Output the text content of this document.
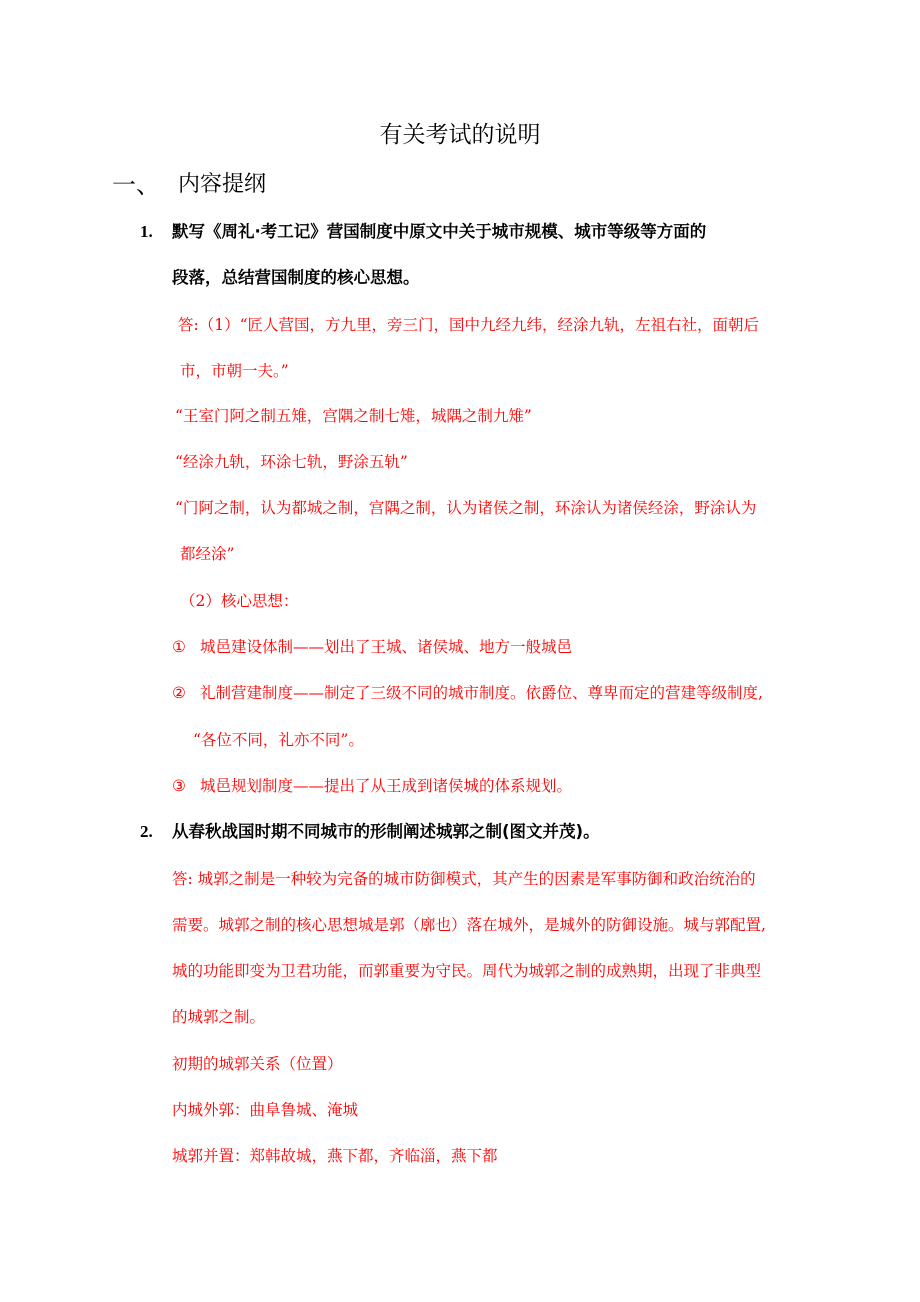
有关考试的说明
一、 内容提纲
1. 默写《周礼·考工记》营国制度中原文中关于城市规模、城市等级等方面的
段落，总结营国制度的核心思想。
答:（1）“匠人营国，方九里，旁三门，国中九经九纬，经涂九轨，左祖右社，面朝后
市，市朝一夫。”
“王室门阿之制五雉，宫隅之制七雉，城隅之制九雉”
“经涂九轨，环涂七轨，野涂五轨”
“门阿之制，认为都城之制，宫隅之制，认为诸侯之制，环涂认为诸侯经涂，野涂认为
都经涂”
（2）核心思想：
① 城邑建设体制——划出了王城、诸侯城、地方一般城邑
② 礼制营建制度——制定了三级不同的城市制度。依爵位、尊卑而定的营建等级制度,
“各位不同，礼亦不同”。
③ 城邑规划制度——提出了从王成到诸侯城的体系规划。
2. 从春秋战国时期不同城市的形制阐述城郭之制(图文并茂)。
答: 城郭之制是一种较为完备的城市防御模式，其产生的因素是军事防御和政治统治的
需要。城郭之制的核心思想城是郭（廓也）落在城外，是城外的防御设施。城与郭配置,
城的功能即变为卫君功能，而郭重要为守民。周代为城郭之制的成熟期，出现了非典型
的城郭之制。
初期的城郭关系（位置）
内城外郭：曲阜鲁城、淹城
城郭并置：郑韩故城，燕下都，齐临淄，燕下都
